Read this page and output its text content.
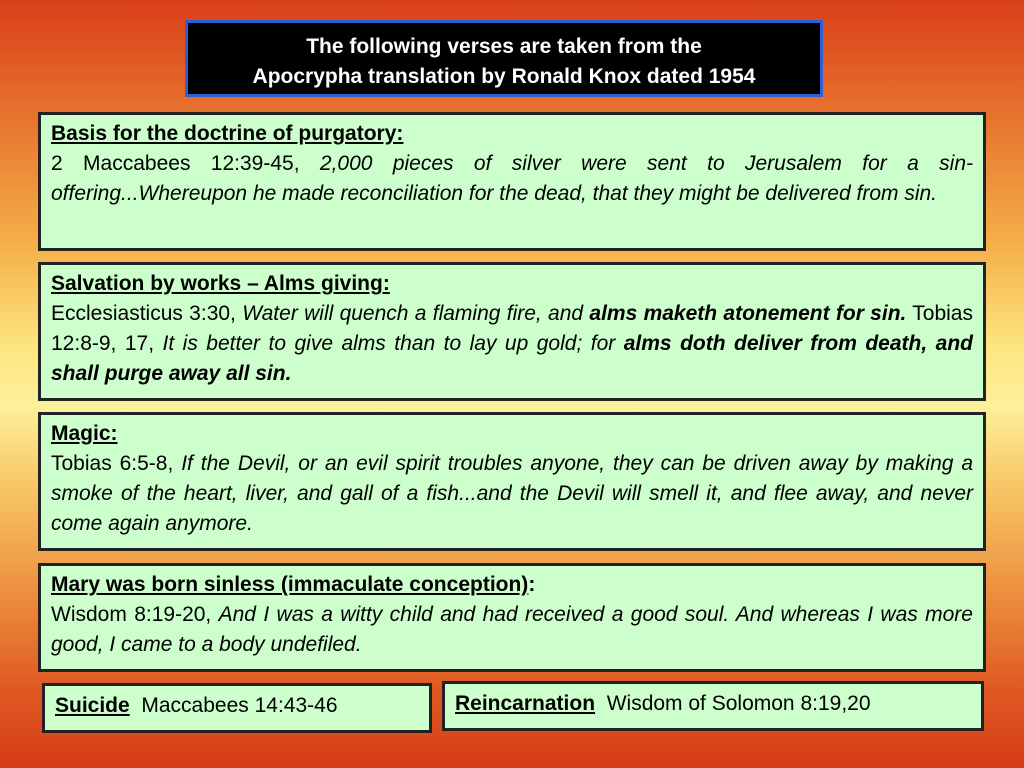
The following verses are taken from the
Apocrypha translation by Ronald Knox dated 1954
Basis for the doctrine of purgatory:
2 Maccabees 12:39-45, 2,000 pieces of silver were sent to Jerusalem for a sin-offering...Whereupon he made reconciliation for the dead, that they might be delivered from sin.
Salvation by works – Alms giving:
Ecclesiasticus 3:30, Water will quench a flaming fire, and alms maketh atonement for sin. Tobias 12:8-9, 17, It is better to give alms than to lay up gold; for alms doth deliver from death, and shall purge away all sin.
Magic:
Tobias 6:5-8, If the Devil, or an evil spirit troubles anyone, they can be driven away by making a smoke of the heart, liver, and gall of a fish...and the Devil will smell it, and flee away, and never come again anymore.
Mary was born sinless (immaculate conception):
Wisdom 8:19-20, And I was a witty child and had received a good soul. And whereas I was more good, I came to a body undefiled.
Suicide Maccabees 14:43-46	Reincarnation Wisdom of Solomon 8:19,20
